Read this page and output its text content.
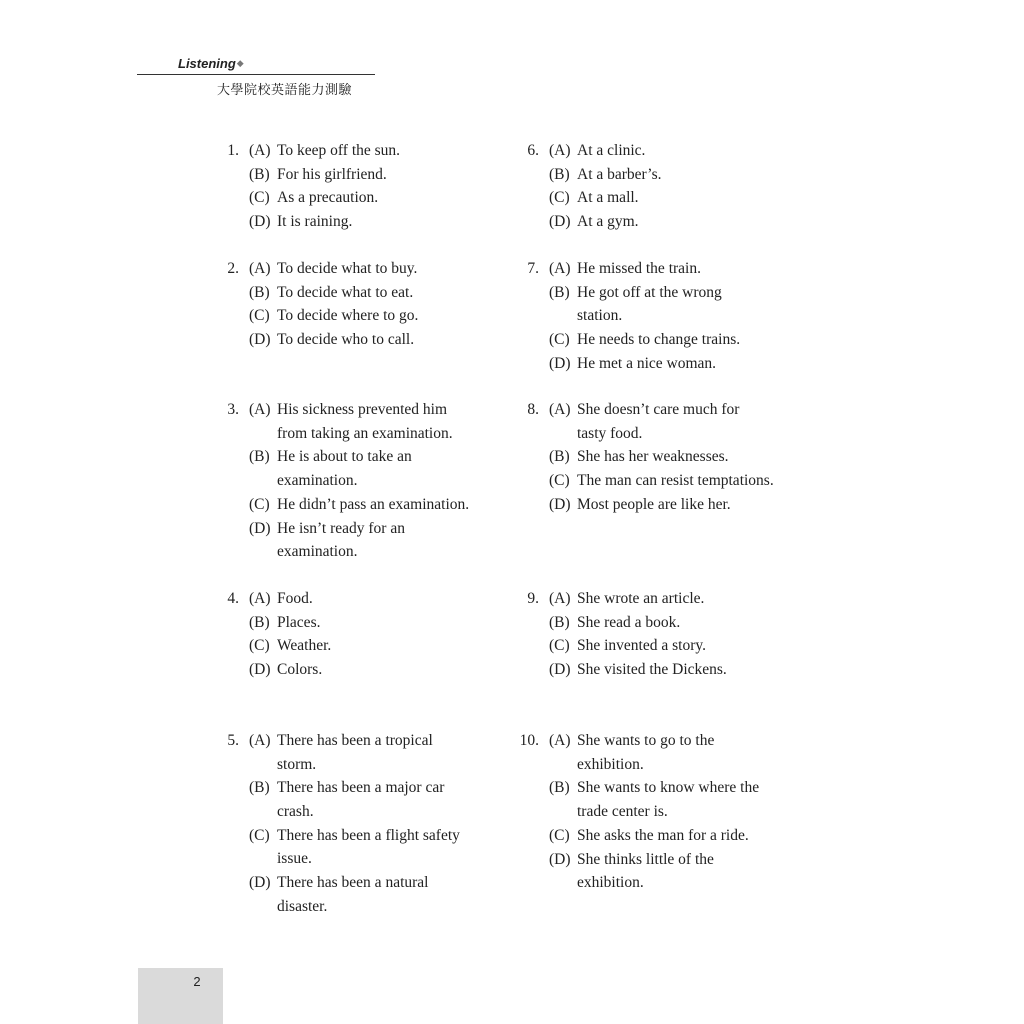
Listening◆
大學院校英語能力測驗
1. (A) To keep off the sun.
(B) For his girlfriend.
(C) As a precaution.
(D) It is raining.
2. (A) To decide what to buy.
(B) To decide what to eat.
(C) To decide where to go.
(D) To decide who to call.
3. (A) His sickness prevented him
from taking an examination.
(B) He is about to take an
examination.
(C) He didn’t pass an examination.
(D) He isn’t ready for an
examination.
4. (A) Food.
(B) Places.
(C) Weather.
(D) Colors.
5. (A) There has been a tropical
storm.
(B) There has been a major car
crash.
(C) There has been a flight safety
issue.
(D) There has been a natural
disaster.
6. (A) At a clinic.
(B) At a barber’s.
(C) At a mall.
(D) At a gym.
7. (A) He missed the train.
(B) He got off at the wrong
station.
(C) He needs to change trains.
(D) He met a nice woman.
8. (A) She doesn’t care much for
tasty food.
(B) She has her weaknesses.
(C) The man can resist temptations.
(D) Most people are like her.
9. (A) She wrote an article.
(B) She read a book.
(C) She invented a story.
(D) She visited the Dickens.
10. (A) She wants to go to the
exhibition.
(B) She wants to know where the
trade center is.
(C) She asks the man for a ride.
(D) She thinks little of the
exhibition.
2
